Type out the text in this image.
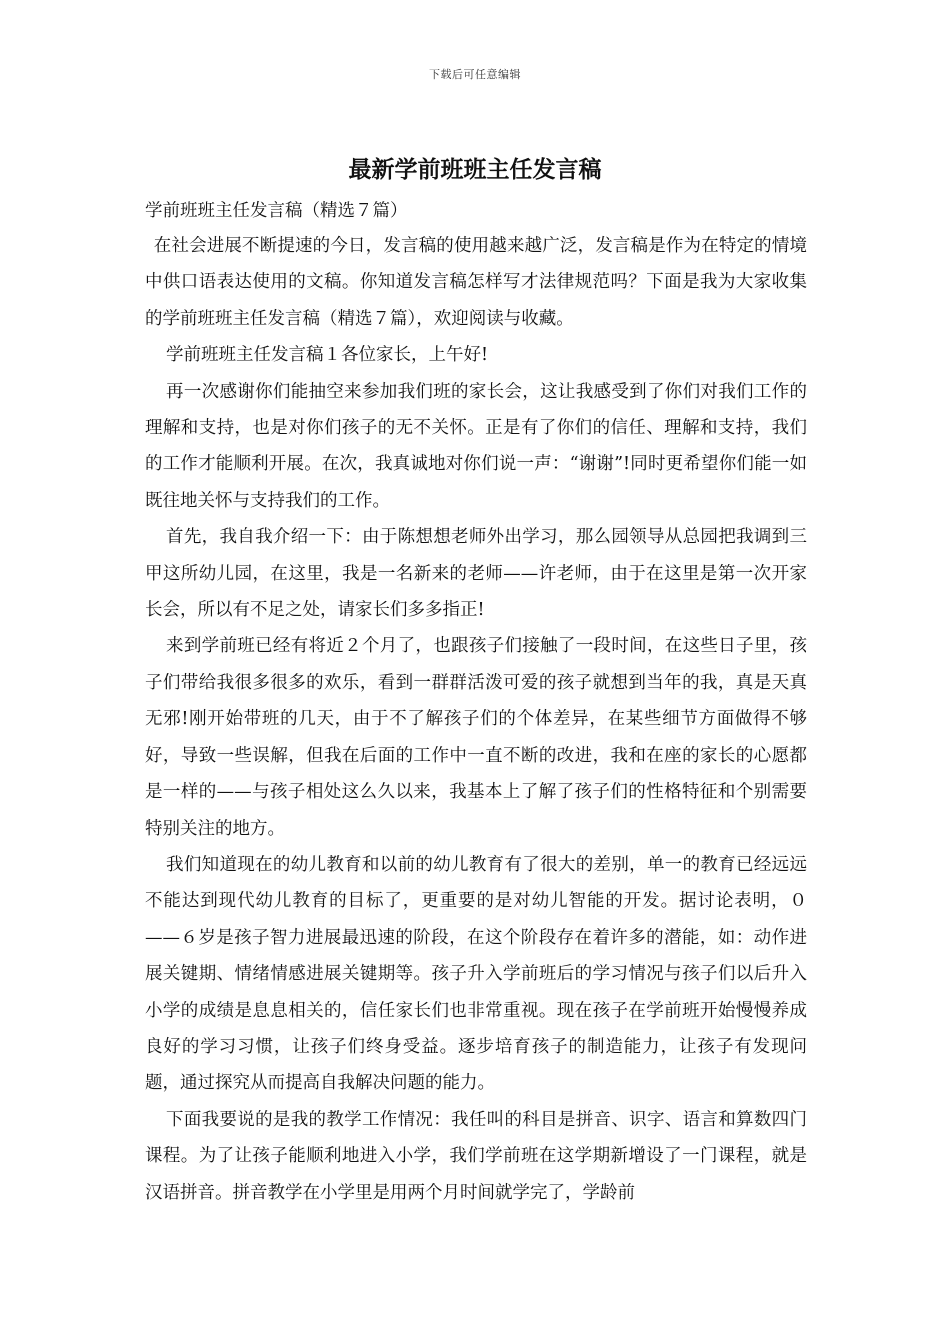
下载后可任意编辑
最新学前班班主任发言稿

学前班班主任发言稿（精选７篇）

在社会进展不断提速的今日，发言稿的使用越来越广泛，发言稿是作为在特定的情境中供口语表达使用的文稿。你知道发言稿怎样写才法律规范吗？下面是我为大家收集的学前班班主任发言稿（精选７篇），欢迎阅读与收藏。

学前班班主任发言稿１各位家长，上午好!

再一次感谢你们能抽空来参加我们班的家长会，这让我感受到了你们对我们工作的理解和支持，也是对你们孩子的无不关怀。正是有了你们的信任、理解和支持，我们的工作才能顺利开展。在次，我真诚地对你们说一声：“谢谢”!同时更希望你们能一如既往地关怀与支持我们的工作。

首先，我自我介绍一下：由于陈想想老师外出学习，那么园领导从总园把我调到三甲这所幼儿园，在这里，我是一名新来的老师——许老师，由于在这里是第一次开家长会，所以有不足之处，请家长们多多指正!

来到学前班已经有将近２个月了，也跟孩子们接触了一段时间，在这些日子里，孩子们带给我很多很多的欢乐，看到一群群活泼可爱的孩子就想到当年的我，真是天真无邪!刚开始带班的几天，由于不了解孩子们的个体差异，在某些细节方面做得不够好，导致一些误解，但我在后面的工作中一直不断的改进，我和在座的家长的心愿都是一样的——与孩子相处这么久以来，我基本上了解了孩子们的性格特征和个别需要特别关注的地方。

我们知道现在的幼儿教育和以前的幼儿教育有了很大的差别，单一的教育已经远远不能达到现代幼儿教育的目标了，更重要的是对幼儿智能的开发。据讨论表明，０——６岁是孩子智力进展最迅速的阶段，在这个阶段存在着许多的潜能，如：动作进展关键期、情绪情感进展关键期等。孩子升入学前班后的学习情况与孩子们以后升入小学的成绩是息息相关的，信任家长们也非常重视。现在孩子在学前班开始慢慢养成良好的学习习惯，让孩子们终身受益。逐步培育孩子的制造能力，让孩子有发现问题，通过探究从而提高自我解决问题的能力。

下面我要说的是我的教学工作情况：我任叫的科目是拼音、识字、语言和算数四门课程。为了让孩子能顺利地进入小学，我们学前班在这学期新增设了一门课程，就是汉语拼音。拼音教学在小学里是用两个月时间就学完了，学龄前
